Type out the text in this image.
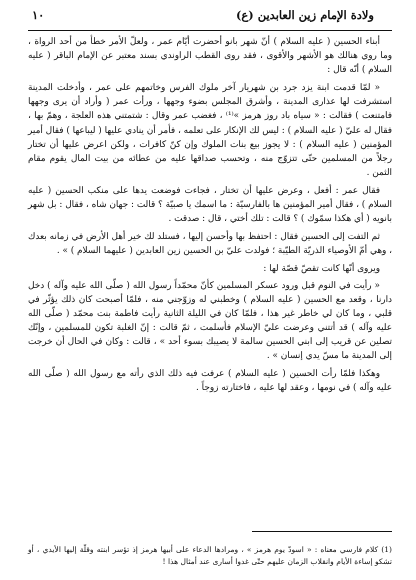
ولادة الإمام زين العابدين (ع)
١٠

أبناء الحسين ( عليه السلام ) أنّ شهر بانو أحضرت أيّام عمر ، ولعلّ الأمر خطأ من أحد الرواة ، وما روي هنالك هو الأشهر والأقوى ، فقد روى القطب الراوندي بسند معتبر عن الإمام الباقر ( عليه السلام ) أنّه قال :

« لمّا قدمت ابنة يزد جرد بن شهريار آخر ملوك الفرس وخاتمهم على عمر ، وأدخلت المدينة استشرفت لها عذارى المدينة ، وأشرق المجلس بضوء وجهها ، ورأت عمر ( وأراد أن يرى وجهها فامتنعت ) فقالت : « سياه باد روز هرمز »⁽¹⁾ ، فغضب عمر وقال : شتمتني هذه العلجة ، وهمّ بها ، فقال له عليّ ( عليه السلام ) : ليس لك الإنكار على تعلمه ، فأمر أن ينادي عليها ( ليباعها ) فقال أمير المؤمنين ( عليه السلام ) : لا يجوز بيع بنات الملوك وإن كنّ كافرات ، ولكن اعرض عليها أن تختار رجلاً من المسلمين حتّى تتزوّج منه ، وتحسب صداقها عليه من عطائه من بيت المال يقوم مقام الثمن .

فقال عمر : أفعل ، وعرض عليها أن تختار ، فجاءت فوضعت يدها على منكب الحسين ( عليه السلام ) ، فقال أمير المؤمنين ها بالفارسيّة : ما اسمك يا صبيّة ؟ قالت : جهان شاه ، فقال : بل شهر بانويه ( أي هكذا سمّوك ) ؟ قالت : تلك أختي ، قال : صدقت .

ثم التفت إلى الحسين فقال : احتفظ بها وأحسن إليها ، فستلد لك خير أهل الأرض في زمانه بعدك ، وهي أمّ الأوصياء الذريّة الطيّبة ؛ فولدت عليّ بن الحسين زين العابدين ( عليهما السلام ) » .

ويروى أنّها كانت تقصّ قصّة لها :

« رأيت في النوم قبل ورود عسكر المسلمين كأنّ محمّداً رسول الله ( صلّى الله عليه وآله ) دخل دارنا ، وقعد مع الحسين ( عليه السلام ) وخطبني له وزوّجني منه ، فلمّا أصبحت كان ذلك يؤثّر في قلبي ، وما كان لي خاطر غير هذا ، فلمّا كان في الليلة الثانية رأيت فاطمة بنت محمّد ( صلّى الله عليه وآله ) قد أتتني وعرضت عليّ الإسلام فأسلمت ، ثمّ قالت : إنّ الغلبة تكون للمسلمين ، وإنّك تصلين عن قريب إلى ابني الحسين سالمة لا يصيبك بسوء أحد » ، قالت : وكان في الحال أن خرجت إلى المدينة ما مسّ يدي إنسان » .

وهكذا فلمّا رأت الحسين ( عليه السلام ) عرفت فيه ذلك الذي رأته مع رسول الله ( صلّى الله عليه وآله ) في نومها ، وعقد لها عليه ، فاختارته زوجاً .

(1) كلام فارسي معناه : « اسودّ يوم هرمز » ، ومرادها الدعاء على أبيها هرمز إذ تؤسر ابنته وقلّة إليها الأيدي ، أو تشكو إساءة الأيام وانقلاب الزمان عليهم حتّى غدوا أسارى عند أمثال هذا !
